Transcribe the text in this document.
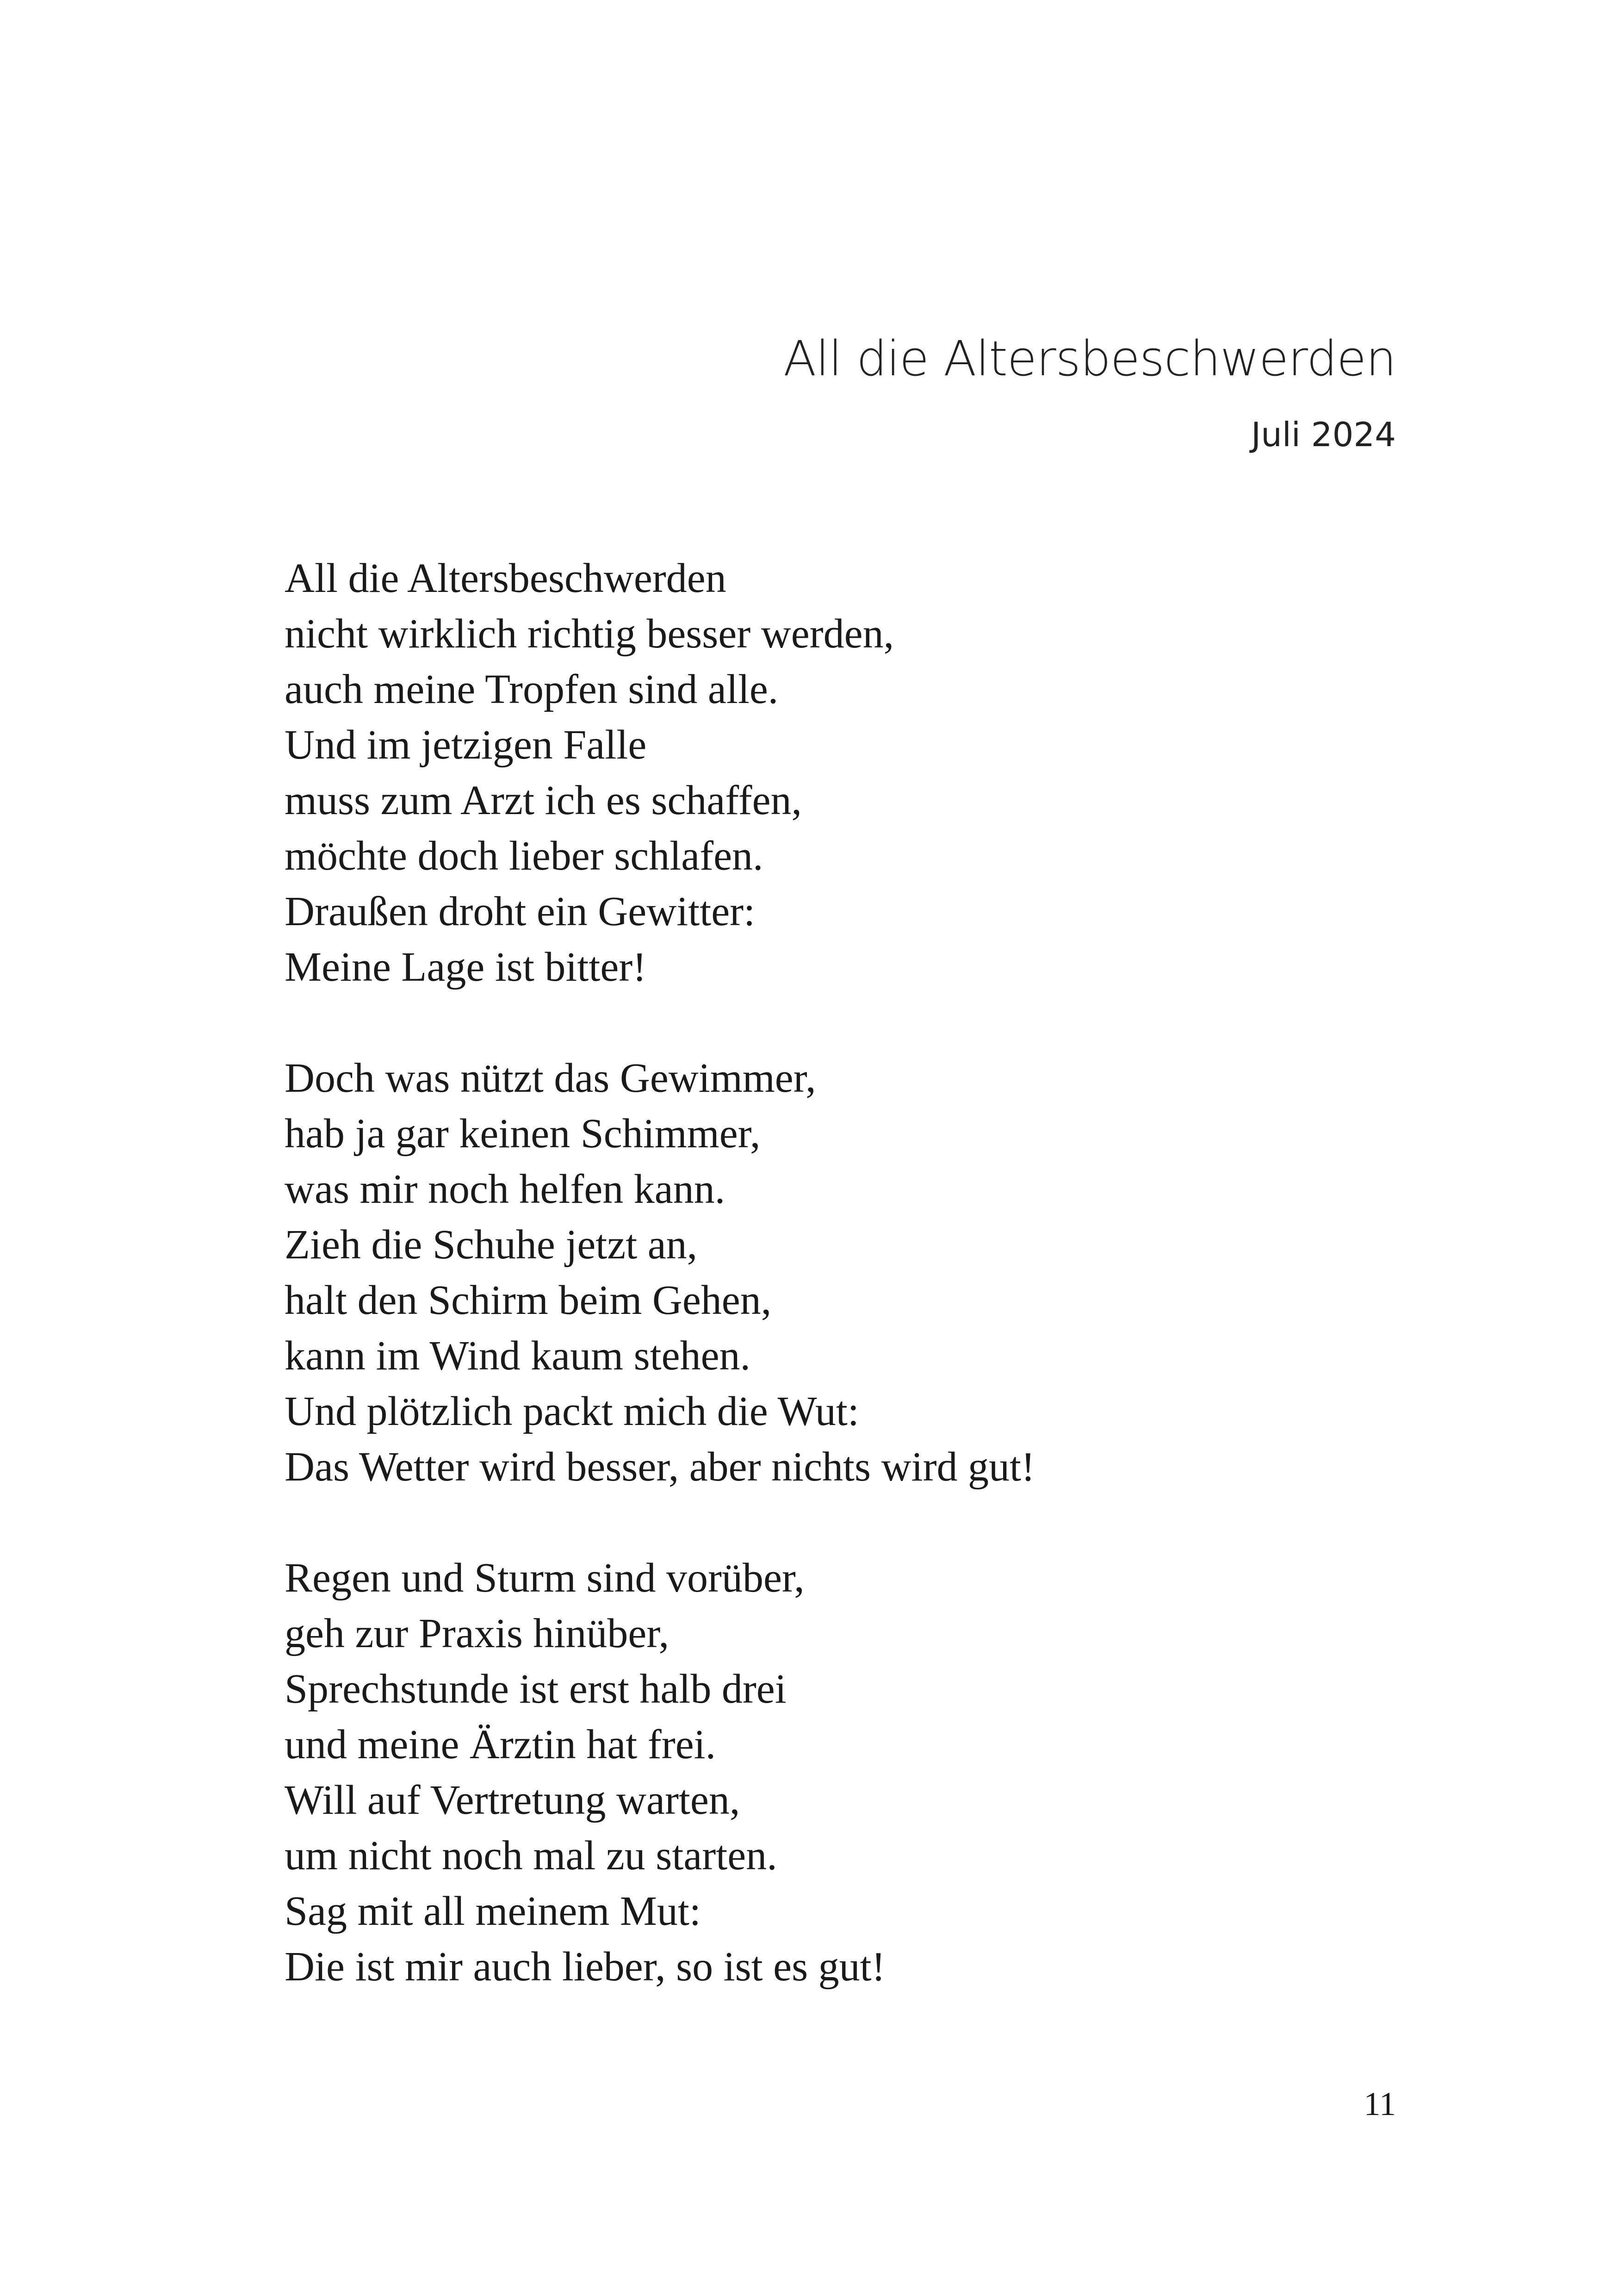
All die Altersbeschwerden
Juli 2024
All die Altersbeschwerden
nicht wirklich richtig besser werden,
auch meine Tropfen sind alle.
Und im jetzigen Falle
muss zum Arzt ich es schaffen,
möchte doch lieber schlafen.
Draußen droht ein Gewitter:
Meine Lage ist bitter!
Doch was nützt das Gewimmer,
hab ja gar keinen Schimmer,
was mir noch helfen kann.
Zieh die Schuhe jetzt an,
halt den Schirm beim Gehen,
kann im Wind kaum stehen.
Und plötzlich packt mich die Wut:
Das Wetter wird besser, aber nichts wird gut!
Regen und Sturm sind vorüber,
geh zur Praxis hinüber,
Sprechstunde ist erst halb drei
und meine Ärztin hat frei.
Will auf Vertretung warten,
um nicht noch mal zu starten.
Sag mit all meinem Mut:
Die ist mir auch lieber, so ist es gut!
11
